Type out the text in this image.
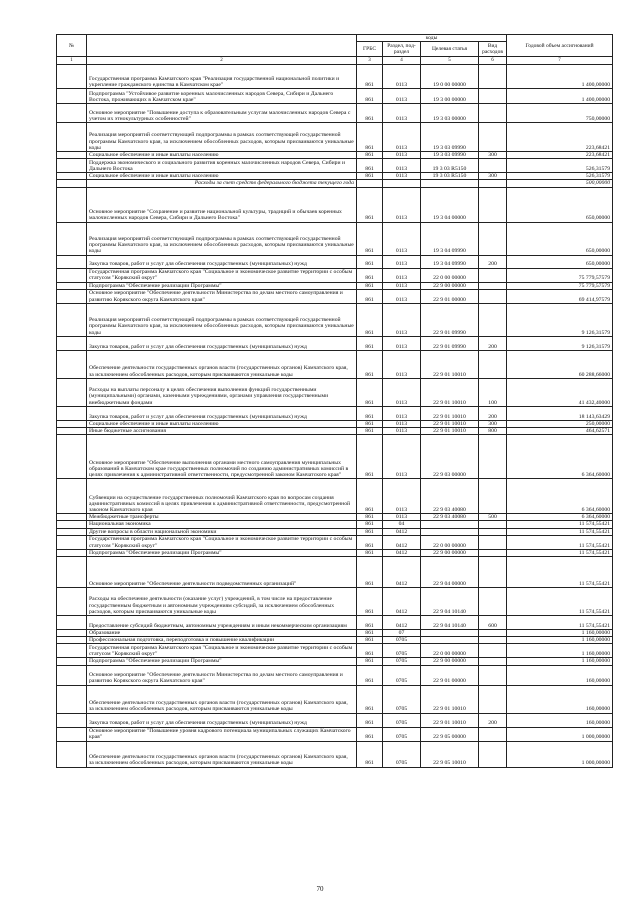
№		коды				Годовой объем ассигнований
		ГРБС	Раздел, под-раздел	Целевая статья	Вид расходов	
1	2	3	4	5	6	7
	Государственная программа Камчатского края "Реализация государственной национальной политики и укрепление гражданского единства в Камчатском крае"	861	0113	19 0 00 00000		1 400,00000
	Подпрограмма "Устойчивое развитие коренных малочисленных народов Севера, Сибири и Дальнего Востока, проживающих в Камчатском крае"	861	0113	19 3 00 00000		1 400,00000
	Основное мероприятие "Повышение доступа к образовательным услугам малочисленных народов Севера с учетом их этнокультурных особенностей"	861	0113	19 3 03 00000		750,00000
	Реализация мероприятий соответствующей подпрограммы в рамках соответствующей государственной программы Камчатского края, за исключением обособленных расходов, которым присваиваются уникальные коды	861	0113	19 3 03 09990		223,68421
	Социальное обеспечение и иные выплаты населению	861	0113	19 3 03 09990	300	223,68421
	Поддержка экономического и социального развития коренных малочисленных народов Севера, Сибири и Дальнего Востока	861	0113	19 3 03 R5150		526,31579
	Социальное обеспечение и иные выплаты населению	861	0113	19 3 03 R5150	300	526,31579
	Расходы за счет средств федерального бюджета текущего года					500,00000
	Основное мероприятие "Сохранение и развитие национальной культуры, традиций и обычаев коренных малочисленных народов Севера, Сибири и Дальнего Востока"	861	0113	19 3 04 00000		650,00000
	Реализация мероприятий соответствующей подпрограммы в рамках соответствующей государственной программы Камчатского края, за исключением обособленных расходов, которым присваиваются уникальные коды	861	0113	19 3 04 09990		650,00000
	Закупка товаров, работ и услуг для обеспечения государственных (муниципальных) нужд	861	0113	19 3 04 09990	200	650,00000
	Государственная программа Камчатского края "Социальное и экономическое развитие территории с особым статусом "Корякский округ"	861	0113	22 0 00 00000		75 779,57579
	Подпрограмма "Обеспечение реализации Программы"	861	0113	22 9 00 00000		75 779,57579
	Основное мероприятие "Обеспечение деятельности Министерства по делам местного самоуправления и развитию Корякского округа Камчатского края"	861	0113	22 9 01 00000		69 414,97579
	Реализация мероприятий соответствующей подпрограммы в рамках соответствующей государственной программы Камчатского края, за исключением обособленных расходов, которым присваиваются уникальные коды	861	0113	22 9 01 09990		9 126,31579
	Закупка товаров, работ и услуг для обеспечения государственных (муниципальных) нужд	861	0113	22 9 01 09990	200	9 126,31579
	Обеспечение деятельности государственных органов власти (государственных органов) Камчатского края, за исключением обособленных расходов, которым присваиваются уникальные коды	861	0113	22 9 01 10010		60 288,66000
	Расходы на выплаты персоналу в целях обеспечения выполнения функций государственными (муниципальными) органами, казенными учреждениями, органами управления государственными внебюджетными фондами	861	0113	22 9 01 10010	100	41 432,40000
	Закупка товаров, работ и услуг для обеспечения государственных (муниципальных) нужд	861	0113	22 9 01 10010	200	18 143,63429
	Социальное обеспечение и иные выплаты населению	861	0113	22 9 01 10010	300	250,00000
	Иные бюджетные ассигнования	861	0113	22 9 01 10010	800	464,62571
	Основное мероприятие "Обеспечение выполнения органами местного самоуправления муниципальных образований в Камчатском крае государственных полномочий по созданию административных комиссий в целях привлечения к административной ответственности, предусмотренной законом Камчатского края"	861	0113	22 9 03 00000		6 364,60000
	Субвенции на осуществление государственных полномочий Камчатского края по вопросам создания административных комиссий в целях привлечения к административной ответственности, предусмотренной законом Камчатского края	861	0113	22 9 03 40080		6 364,60000
	Межбюджетные трансферты	861	0113	22 9 03 40080	500	6 364,60000
	Национальная экономика	861	04			11 574,55421
	Другие вопросы в области национальной экономики	861	0412			11 574,55421
	Государственная программа Камчатского края "Социальное и экономическое развитие территории с особым статусом "Корякский округ"	861	0412	22 0 00 00000		11 574,55421
	Подпрограмма "Обеспечение реализации Программы"	861	0412	22 9 00 00000		11 574,55421
	Основное мероприятие "Обеспечение деятельности подведомственных организаций"	861	0412	22 9 04 00000		11 574,55421
	Расходы на обеспечение деятельности (оказание услуг) учреждений, в том числе на предоставление государственным бюджетным и автономным учреждениям субсидий, за исключением обособленных расходов, которым присваиваются уникальные коды	861	0412	22 9 04 10140		11 574,55421
	Предоставление субсидий бюджетным, автономным учреждениям и иным некоммерческим организациям	861	0412	22 9 04 10140	600	11 574,55421
	Образование	861	07			1 160,00000
	Профессиональная подготовка, переподготовка и повышение квалификации	861	0705			1 160,00000
	Государственная программа Камчатского края "Социальное и экономическое развитие территории с особым статусом "Корякский округ"	861	0705	22 0 00 00000		1 160,00000
	Подпрограмма "Обеспечение реализации Программы"	861	0705	22 9 00 00000		1 160,00000
	Основное мероприятие "Обеспечение деятельности Министерства по делам местного самоуправления и развитию Корякского округа Камчатского края"	861	0705	22 9 01 00000		160,00000
	Обеспечение деятельности государственных органов власти (государственных органов) Камчатского края, за исключением обособленных расходов, которым присваиваются уникальные коды	861	0705	22 9 01 10010		160,00000
	Закупка товаров, работ и услуг для обеспечения государственных (муниципальных) нужд	861	0705	22 9 01 10010	200	160,00000
	Основное мероприятие "Повышение уровня кадрового потенциала муниципальных служащих Камчатского края"	861	0705	22 9 05 00000		1 000,00000
	Обеспечение деятельности государственных органов власти (государственных органов) Камчатского края, за исключением обособленных расходов, которым присваиваются уникальные коды	861	0705	22 9 05 10010		1 000,00000
70
